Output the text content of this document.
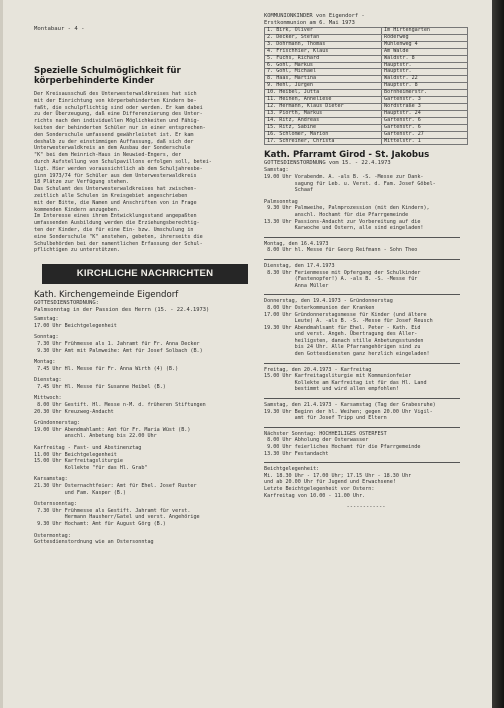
Montabaur - 4 -
Spezielle Schulmöglichkeit für
körperbehinderte Kinder

Der Kreisausschuß des Unterwesterwaldkreises hat sich
mit der Einrichtung von körperbehinderten Kindern be-
faßt, die schulpflichtig sind oder werden. Er kam dabei
zu der Überzeugung, daß eine Differenzierung des Unter-
richts nach den individuellen Möglichkeiten und Fähig-
keiten der behinderten Schüler nur in einer entsprechen-
den Sonderschule umfassend gewährleistet ist. Er kam
deshalb zu der einstimmigen Auffassung, daß sich der
Unterwesterwaldkreis an dem Ausbau der Sonderschule
"K" bei dem Heinrich-Haus in Neuwied-Engers, der
durch Aufstellung von Schulpavillons erfolgen soll, betei-
ligt. Hier werden voraussichtlich ab dem Schuljahresbe-
ginn 1973/74 für Schüler aus dem Unterwesterwaldkreis
18 Plätze zur Verfügung stehen.

Das Schulamt des Unterwesterwaldkreises hat zwischen-
zeitlich alle Schulen im Kreisgebiet angeschrieben
mit der Bitte, die Namen und Anschriften von in Frage
kommenden Kindern anzugeben.
Im Interesse eines ihrem Entwicklungsstand angepaßten
umfassenden Ausbildung werden die Erziehungsberechtig-
ten der Kinder, die für eine Ein- bzw. Umschulung in
eine Sonderschule "K" anstehen, gebeten, ihrerseits die
Schulbehörden bei der namentlichen Erfassung der Schul-
pflichtigen zu unterstützen.

KIRCHLICHE NACHRICHTEN
Kath. Kirchengemeinde Eigendorf

GOTTESDIENSTORDNUNG:
Palmsonntag in der Passion des Herrn (15. - 22.4.1973)

Samstag:
17.00 Uhr Beichtgelegenheit

Sonntag:
7.30 Uhr Frühmesse als 1. Jahramt für Fr. Anna Decker
9.30 Uhr Amt mit Palmweihe: Amt für Josef Solbach (B.)

Montag:
7.45 Uhr Hl. Messe für Fr. Anna Wirth (4) (B.)

Dienstag:
7.45 Uhr Hl. Messe für Susanne Heibel (B.)

Mittwoch:
8.00 Uhr Gestift. Hl. Messe n-M. d. früheren Stiftungen
20.30 Uhr Kreuzweg-Andacht

Gründonnerstag:
19.00 Uhr Abendmahlamt: Amt für Fr. Maria Wüst (B.)
anschl. Anbetung bis 22.00 Uhr

Karfreitag - Fast- und Abstinenztag
11.00 Uhr Beichtgelegenheit
15.00 Uhr Karfreitagsliturgie
Kollekte "für das Hl. Grab"

Karsamstag:
21.30 Uhr Osternachtfeier: Amt für Ehel. Josef Ruster
und Fam. Kasper (B.)

Osternsonntag:
7.30 Uhr Frühmesse als Gestift. Jahramt für verst.
Hermann Hausherr/Gatel und verst. Angehörige
9.30 Uhr Hochamt: Amt für August Görg (B.)

Ostermontag:
Gottesdienstordnung wie an Ostersonntag

KOMMUNIONKINDER von Eigendorf -

Erstkommunion am 6. Mai 1973

1. Birk, Oliver	Im Hirtengarten
2. Decker, Stefan	Röderweg
3. Dohrmann, Thomas	Mühlenweg 4
4. Frischhier, Klaus	Am Walde
5. Fuchs, Richard	Waldstr. 8
6. Gohl, Markus	Hauptstr.
7. Gohl, Michael	Hauptstr.
8. Haas, Martina	Waldstr. 22
9. Hehl, Jürgen	Hauptstr. 8
10. Heibel, Jutta	Bornheimerstr.
11. Heinen, Anneliese	Gartenstr. 3
12. Hermann, Klaus Dieter	Nordstraße 3
13. Piorth, Markus	Hauptstr. 24
14. Ritz, Andreas	Gartenstr. 6
15. Ritz, Sabine	Gartenstr. 6
16. Schlomer, Marion	Gartenstr. 27
17. Schreiner, Christa	Mittelstr. 1
Kath. Pfarramt Girod - St. Jakobus

GOTTESDIENSTORDNUNG vom 15. - 22.4.1973

Samstag:
19.00 Uhr Vorabendm. A. -als B. -S. -Messe zur Dank-
sagung für Leb. u. Verst. d. Fam. Josef Göbel-
Schaaf

Palmsonntag
9.30 Uhr Palmweihe, Palmprozession (mit den Kindern),
anschl. Hochamt für die Pfarrgemeinde
13.30 Uhr Passions-Andacht zur Vorbereitung auf die
Karwoche und Ostern, alle sind eingeladen!

Montag, den 16.4.1973
8.00 Uhr hl. Messe für Georg Reifmann - Sohn Theo

Dienstag, den 17.4.1973
8.30 Uhr Ferienmesse mit Opfergang der Schulkinder
(Fastenopfer!) A. -als B. -S. -Messe für
Anna Müller

Donnerstag, den 19.4.1973 - Gründonnerstag
8.00 Uhr Osterkommunion der Kranken
17.00 Uhr Gründonnerstagsmesse für Kinder (und ältere
Leute) A. -als B. -S. -Messe für Josef Reusch
19.30 Uhr Abendmahlsamt für Ehel. Peter - Kath. Eid
und verst. Angeh. Übertragung des Aller-
heiligsten, danach stille Anbetungsstunden
bis 24 Uhr. Alle Pfarrangehörigen sind zu
den Gottesdiensten ganz herzlich eingeladen!

Freitag, den 20.4.1973 - Karfreitag
15.00 Uhr Karfreitagsliturgie mit Kommunionfeier
Kollekte am Karfreitag ist für das Hl. Land
bestimmt und wird allen empfohlen!

Samstag, den 21.4.1973 - Karsamstag (Tag der Grabesruhe)
19.30 Uhr Beginn der hl. Weihen; gegen 20.00 Uhr Vigil-
amt für Josef Tripp und Eltern

Nächster Sonntag: HOCHHEILIGES OSTERFEST
8.00 Uhr Abholung der Osterwasser
9.00 Uhr feierliches Hochamt für die Pfarrgemeinde
13.30 Uhr Festandacht

Beichtgelegenheit:
Mi. 18.30 Uhr - 17.00 Uhr; 17.15 Uhr - 18.30 Uhr
und ab 20.00 Uhr für Jugend und Erwachsene!
Letzte Beichtgelegenheit vor Ostern:
Karfreitag von 10.00 - 11.00 Uhr.

------------
